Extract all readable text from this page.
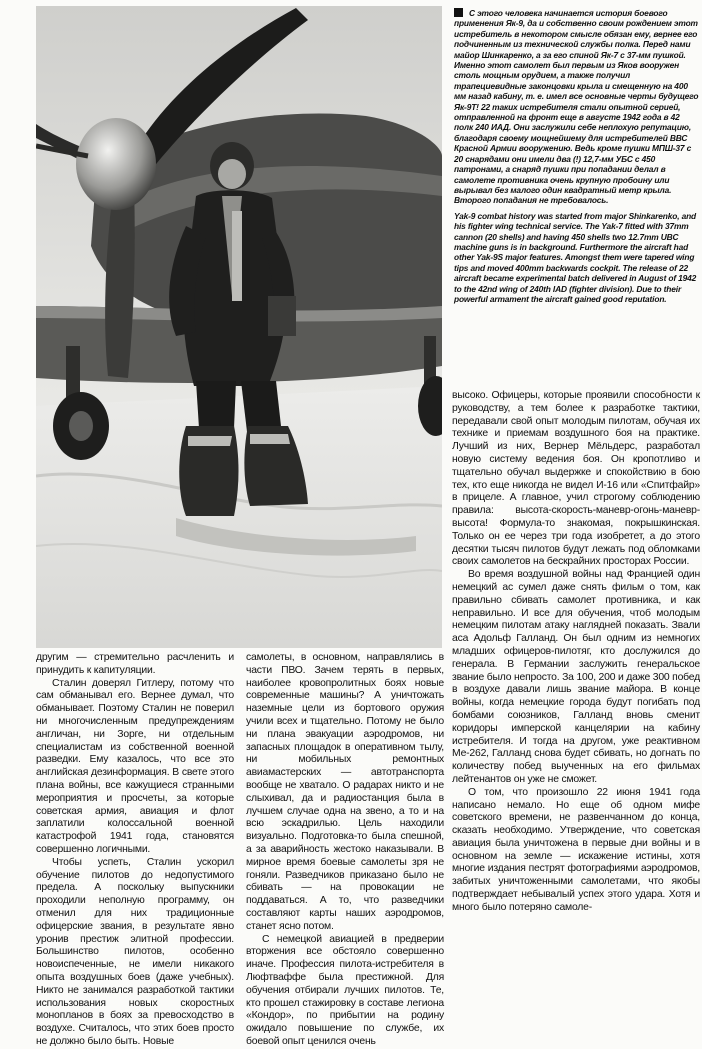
С этого человека начинается история боевого применения Як-9, да и собственно своим рождением этот истребитель в некотором смысле обязан ему, вернее его подчиненным из технической службы полка. Перед нами майор Шинкаренко, а за его спиной Як-7 с 37-мм пушкой. Именно этот самолет был первым из Яков вооружен столь мощным орудием, а также получил трапециевидные законцовки крыла и смещенную на 400 мм назад кабину, т. е. имел все основные черты будущего Як-9Т! 22 таких истребителя стали опытной серией, отправленной на фронт еще в августе 1942 года в 42 полк 240 ИАД. Они заслужили себе неплохую репутацию, благодаря своему мощнейшему для истребителей ВВС Красной Армии вооружению. Ведь кроме пушки МПШ-37 с 20 снарядами они имели два (!) 12,7-мм УБС с 450 патронами, а снаряд пушки при попадании делал в самолете противника очень крупную пробоину или вырывал без малого один квадратный метр крыла. Второго попадания не требовалось.

Yak-9 combat history was started from major Shinkarenko, and his fighter wing technical service. The Yak-7 fitted with 37mm cannon (20 shells) and having 450 shells two 12.7mm UBC machine guns is in background. Furthermore the aircraft had other Yak-9S major features. Amongst them were tapered wing tips and moved 400mm backwards cockpit. The release of 22 aircraft became experimental batch delivered in August of 1942 to the 42nd wing of 240th IAD (fighter division). Due to their powerful armament the aircraft gained good reputation.

другим — стремительно расчленить и принудить к капитуляции.

Сталин доверял Гитлеру, потому что сам обманывал его. Вернее думал, что обманывает. Поэтому Сталин не поверил ни многочисленным предупреждениям англичан, ни Зорге, ни отдельным специалистам из собственной военной разведки. Ему казалось, что все это английская дезинформация. В свете этого плана войны, все кажущиеся странными мероприятия и просчеты, за которые советская армия, авиация и флот заплатили колоссальной военной катастрофой 1941 года, становятся совершенно логичными.

Чтобы успеть, Сталин ускорил обучение пилотов до недопустимого предела. А поскольку выпускники проходили неполную программу, он отменил для них традиционные офицерские звания, в результате явно уронив престиж элитной профессии. Большинство пилотов, особенно новоиспеченные, не имели никакого опыта воздушных боев (даже учебных). Никто не занимался разработкой тактики использования новых скоростных монопланов в боях за превосходство в воздухе. Считалось, что этих боев просто не должно было быть. Новые

самолеты, в основном, направлялись в части ПВО. Зачем терять в первых, наиболее кровопролитных боях новые современные машины? А уничтожать наземные цели из бортового оружия учили всех и тщательно. Потому не было ни плана эвакуации аэродромов, ни запасных площадок в оперативном тылу, ни мобильных ремонтных авиамастерских — автотранспорта вообще не хватало. О радарах никто и не слыхивал, да и радиостанция была в лучшем случае одна на звено, а то и на всю эскадрилью. Цель находили визуально. Подготовка-то была спешной, а за аварийность жестоко наказывали. В мирное время боевые самолеты зря не гоняли. Разведчиков приказано было не сбивать — на провокации не поддаваться. А то, что разведчики составляют карты наших аэродромов, станет ясно потом.

С немецкой авиацией в предверии вторжения все обстояло совершенно иначе. Профессия пилота-истребителя в Люфтваффе была престижной. Для обучения отбирали лучших пилотов. Те, кто прошел стажировку в составе легиона «Кондор», по прибытии на родину ожидало повышение по службе, их боевой опыт ценился очень

высоко. Офицеры, которые проявили способности к руководству, а тем более к разработке тактики, передавали свой опыт молодым пилотам, обучая их технике и приемам воздушного боя на практике. Лучший из них, Вернер Мёльдерс, разработал новую систему ведения боя. Он кропотливо и тщательно обучал выдержке и спокойствию в бою тех, кто еще никогда не видел И-16 или «Спитфайр» в прицеле. А главное, учил строгому соблюдению правила: высота-скорость-маневр-огонь-маневр-высота! Формула-то знакомая, покрышкинская. Только он ее через три года изобретет, а до этого десятки тысяч пилотов будут лежать под обломками своих самолетов на бескрайних просторах России.

Во время воздушной войны над Францией один немецкий ас сумел даже снять фильм о том, как правильно сбивать самолет противника, и как неправильно. И все для обучения, чтоб молодым немецким пилотам атаку наглядней показать. Звали аса Адольф Галланд. Он был одним из немногих младших офицеров-пилотяг, кто дослужился до генерала. В Германии заслужить генеральское звание было непросто. За 100, 200 и даже 300 побед в воздухе давали лишь звание майора. В конце войны, когда немецкие города будут погибать под бомбами союзников, Галланд вновь сменит коридоры имперской канцелярии на кабину истребителя. И тогда на другом, уже реактивном Ме-262, Галланд снова будет сбивать, но догнать по количеству побед выученных на его фильмах лейтенантов он уже не сможет.

О том, что произошло 22 июня 1941 года написано немало. Но еще об одном мифе советского времени, не развенчанном до конца, сказать необходимо. Утверждение, что советская авиация была уничтожена в первые дни войны и в основном на земле — искажение истины, хотя многие издания пестрят фотографиями аэродромов, забитых уничтоженными самолетами, что якобы подтверждает небывалый успех этого удара. Хотя и много было потеряно самоле-
